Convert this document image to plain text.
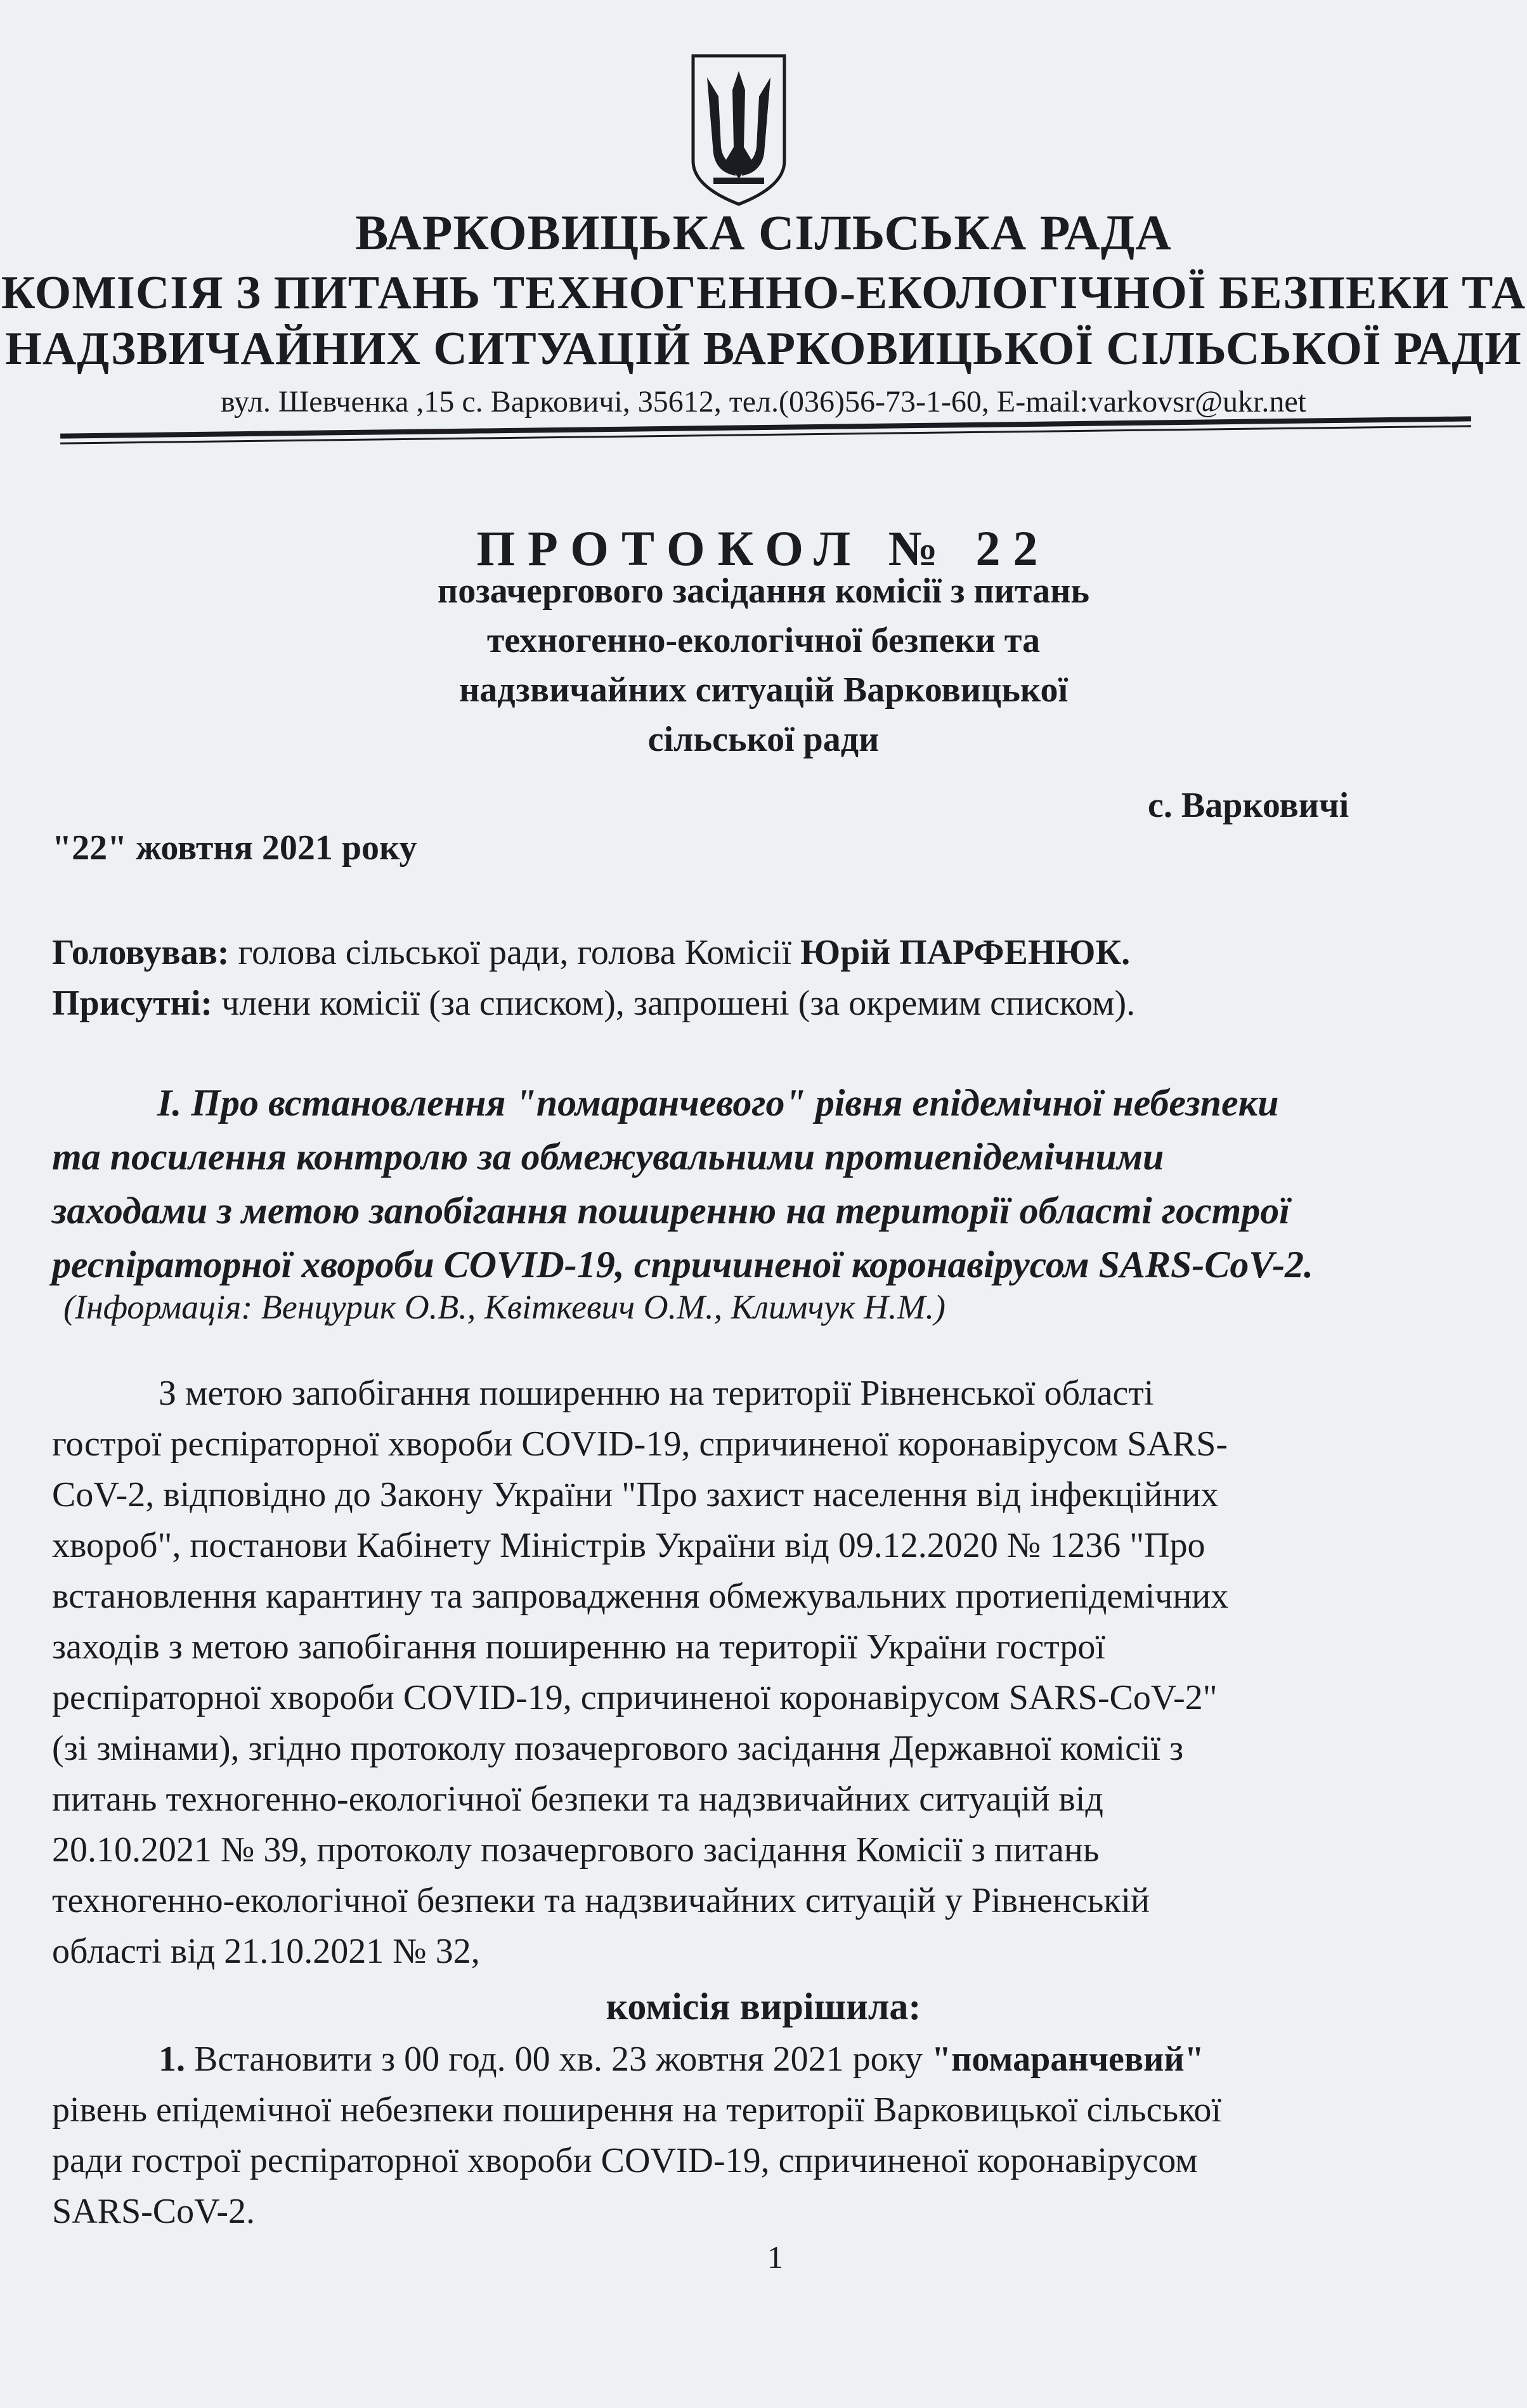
ВАРКОВИЦЬКА СІЛЬСЬКА РАДА
КОМІСІЯ З ПИТАНЬ ТЕХНОГЕННО-ЕКОЛОГІЧНОЇ БЕЗПЕКИ ТА
НАДЗВИЧАЙНИХ СИТУАЦІЙ ВАРКОВИЦЬКОЇ СІЛЬСЬКОЇ РАДИ
вул. Шевченка ,15 с. Варковичі, 35612, тел.(036)56-73-1-60, E-mail:varkovsr@ukr.net
ПРОТОКОЛ № 22
позачергового засідання комісії з питань
техногенно-екологічної безпеки та
надзвичайних ситуацій Варковицької
сільської ради
с. Варковичі
"22" жовтня 2021 року
Головував: голова сільської ради, голова Комісії Юрій ПАРФЕНЮК.
Присутні: члени комісії (за списком), запрошені (за окремим списком).
I. Про встановлення "помаранчевого" рівня епідемічної небезпеки
та посилення контролю за обмежувальними протиепідемічними
заходами з метою запобігання поширенню на території області гострої
респіраторної хвороби COVID-19, спричиненої коронавірусом SARS-CoV-2.
(Інформація: Венцурик О.В., Квіткевич О.М., Климчук Н.М.)
З метою запобігання поширенню на території Рівненської області
гострої респіраторної хвороби COVID-19, спричиненої коронавірусом SARS-
CoV-2, відповідно до Закону України "Про захист населення від інфекційних
хвороб", постанови Кабінету Міністрів України від 09.12.2020 № 1236 "Про
встановлення карантину та запровадження обмежувальних протиепідемічних
заходів з метою запобігання поширенню на території України гострої
респіраторної хвороби COVID-19, спричиненої коронавірусом SARS-CoV-2"
(зі змінами), згідно протоколу позачергового засідання Державної комісії з
питань техногенно-екологічної безпеки та надзвичайних ситуацій від
20.10.2021 № 39, протоколу позачергового засідання Комісії з питань
техногенно-екологічної безпеки та надзвичайних ситуацій у Рівненській
області від 21.10.2021 № 32,
комісія вирішила:
1. Встановити з 00 год. 00 хв. 23 жовтня 2021 року "помаранчевий"
рівень епідемічної небезпеки поширення на території Варковицької сільської
ради гострої респіраторної хвороби COVID-19, спричиненої коронавірусом
SARS-CoV-2.
1
